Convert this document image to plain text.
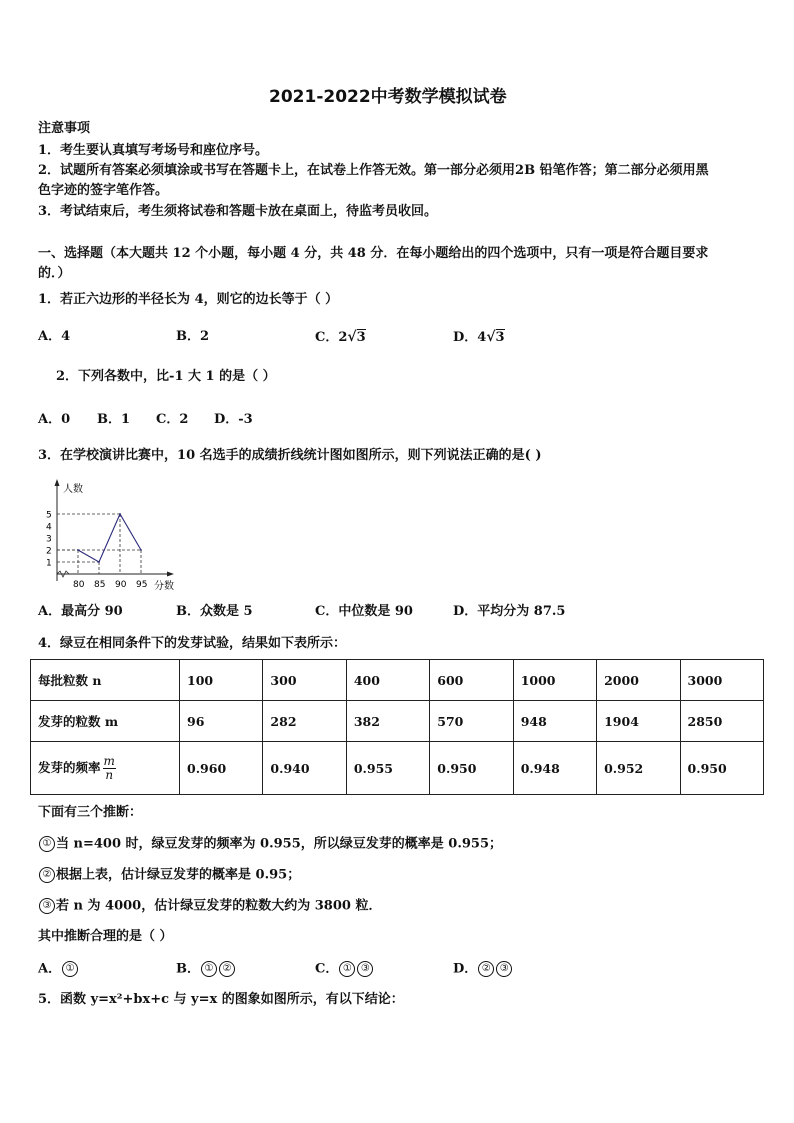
2021-2022中考数学模拟试卷
注意事项
1．考生要认真填写考场号和座位序号。
2．试题所有答案必须填涂或书写在答题卡上，在试卷上作答无效。第一部分必须用2B 铅笔作答；第二部分必须用黑
色字迹的签字笔作答。
3．考试结束后，考生须将试卷和答题卡放在桌面上，待监考员收回。
一、选择题（本大题共 12 个小题，每小题 4 分，共 48 分．在每小题给出的四个选项中，只有一项是符合题目要求
的．）
1．若正六边形的半径长为 4，则它的边长等于（ ）
A．4	B．2	C．2√3	D．4√3
2．下列各数中，比-1 大 1 的是（ ）
A．0 B．1 C．2 D．-3
3．在学校演讲比赛中，10 名选手的成绩折线统计图如图所示，则下列说法正确的是( )
人数
分数
1
2
3
4
5
80 85 90 95
A．最高分 90	B．众数是 5	C．中位数是 90	D．平均分为 87.5
4．绿豆在相同条件下的发芽试验，结果如下表所示：
每批粒数 n	100	300	400	600	1000	2000	3000
发芽的粒数 m	96	282	382	570	948	1904	2850
发芽的频率 $\frac{m}{n}$	0.960	0.940	0.955	0.950	0.948	0.952	0.950
下面有三个推断：
① 当 n=400 时，绿豆发芽的频率为 0.955，所以绿豆发芽的概率是 0.955；
② 根据上表，估计绿豆发芽的概率是 0.95；
③ 若 n 为 4000，估计绿豆发芽的粒数大约为 3800 粒．
其中推断合理的是（ ）
A． ①	B． ① ②	C． ① ③	D． ② ③
5．函数 y=x²+bx+c 与 y=x 的图象如图所示，有以下结论：
